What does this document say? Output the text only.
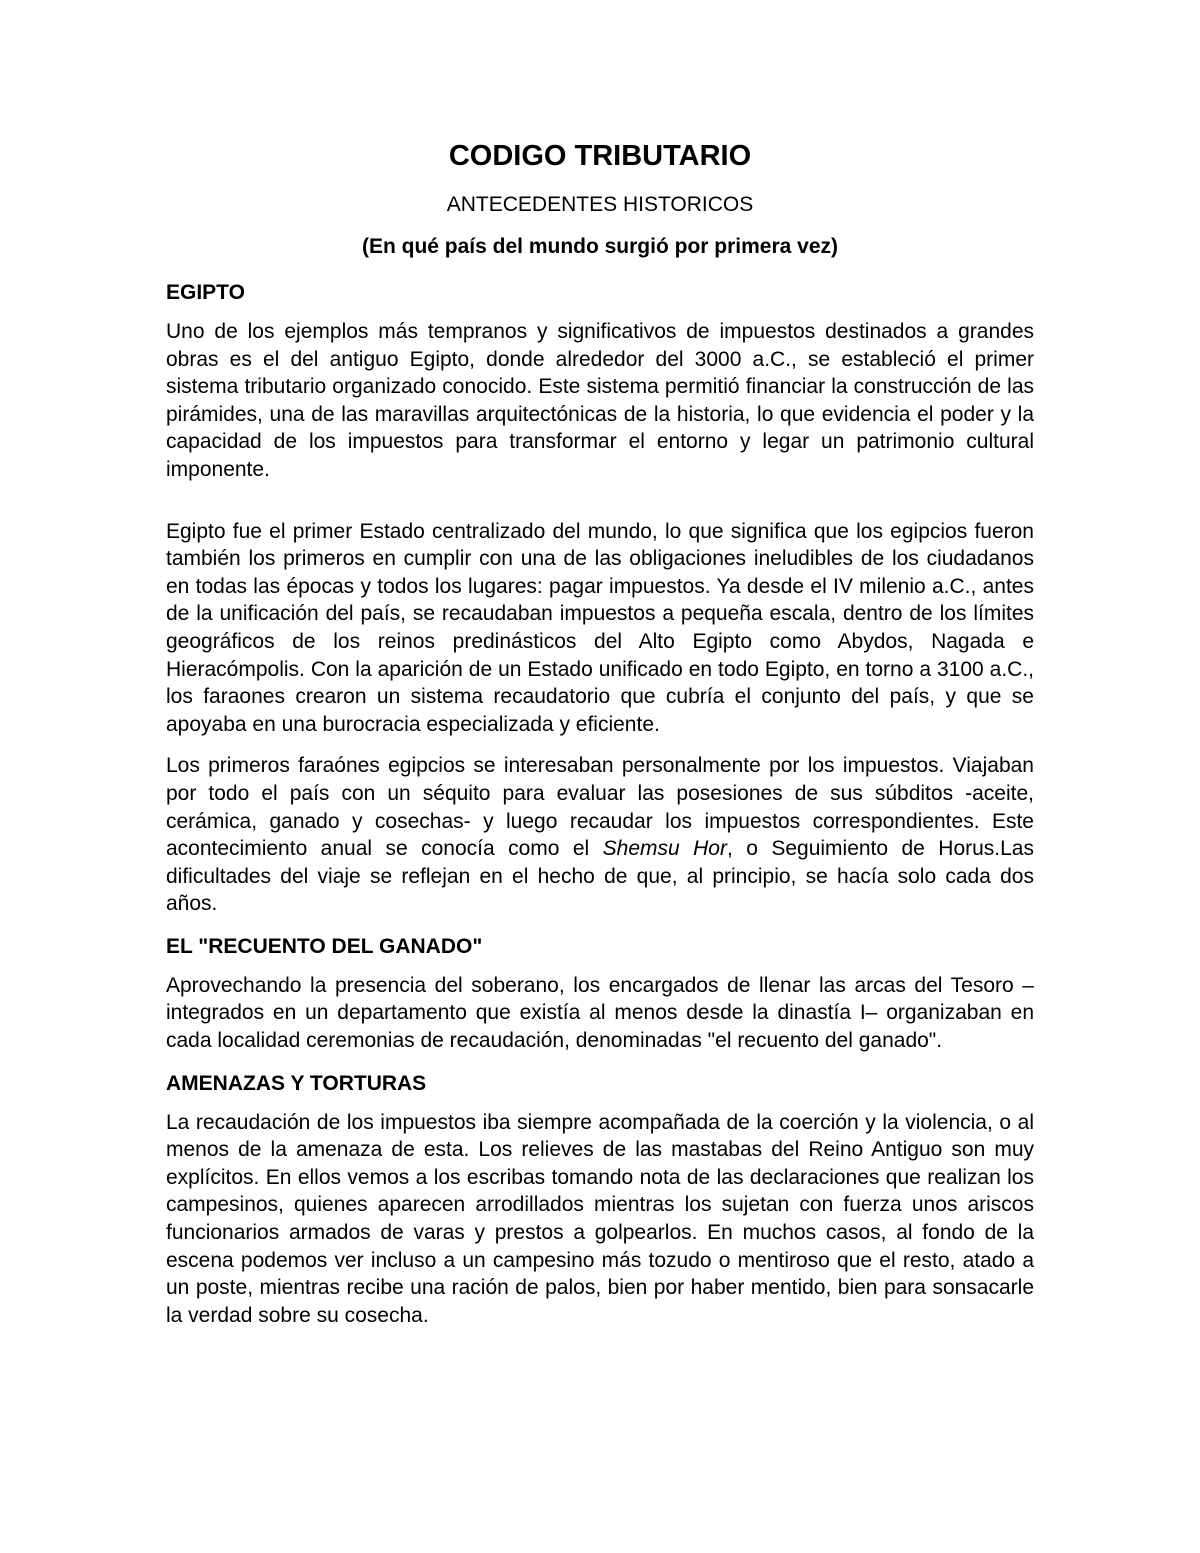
CODIGO TRIBUTARIO
ANTECEDENTES HISTORICOS
(En qué país del mundo surgió por primera vez)
EGIPTO

Uno de los ejemplos más tempranos y significativos de impuestos destinados a grandes obras es el del antiguo Egipto, donde alrededor del 3000 a.C., se estableció el primer sistema tributario organizado conocido. Este sistema permitió financiar la construcción de las pirámides, una de las maravillas arquitectónicas de la historia, lo que evidencia el poder y la capacidad de los impuestos para transformar el entorno y legar un patrimonio cultural imponente.

Egipto fue el primer Estado centralizado del mundo, lo que significa que los egipcios fueron también los primeros en cumplir con una de las obligaciones ineludibles de los ciudadanos en todas las épocas y todos los lugares: pagar impuestos. Ya desde el IV milenio a.C., antes de la unificación del país, se recaudaban impuestos a pequeña escala, dentro de los límites geográficos de los reinos predinásticos del Alto Egipto como Abydos, Nagada e Hieracómpolis. Con la aparición de un Estado unificado en todo Egipto, en torno a 3100 a.C., los faraones crearon un sistema recaudatorio que cubría el conjunto del país, y que se apoyaba en una burocracia especializada y eficiente.

Los primeros faraónes egipcios se interesaban personalmente por los impuestos. Viajaban por todo el país con un séquito para evaluar las posesiones de sus súbditos -aceite, cerámica, ganado y cosechas- y luego recaudar los impuestos correspondientes. Este acontecimiento anual se conocía como el Shemsu Hor, o Seguimiento de Horus.Las dificultades del viaje se reflejan en el hecho de que, al principio, se hacía solo cada dos años.

EL "RECUENTO DEL GANADO"

Aprovechando la presencia del soberano, los encargados de llenar las arcas del Tesoro –integrados en un departamento que existía al menos desde la dinastía I– organizaban en cada localidad ceremonias de recaudación, denominadas "el recuento del ganado".

AMENAZAS Y TORTURAS

La recaudación de los impuestos iba siempre acompañada de la coerción y la violencia, o al menos de la amenaza de esta. Los relieves de las mastabas del Reino Antiguo son muy explícitos. En ellos vemos a los escribas tomando nota de las declaraciones que realizan los campesinos, quienes aparecen arrodillados mientras los sujetan con fuerza unos ariscos funcionarios armados de varas y prestos a golpearlos. En muchos casos, al fondo de la escena podemos ver incluso a un campesino más tozudo o mentiroso que el resto, atado a un poste, mientras recibe una ración de palos, bien por haber mentido, bien para sonsacarle la verdad sobre su cosecha.
